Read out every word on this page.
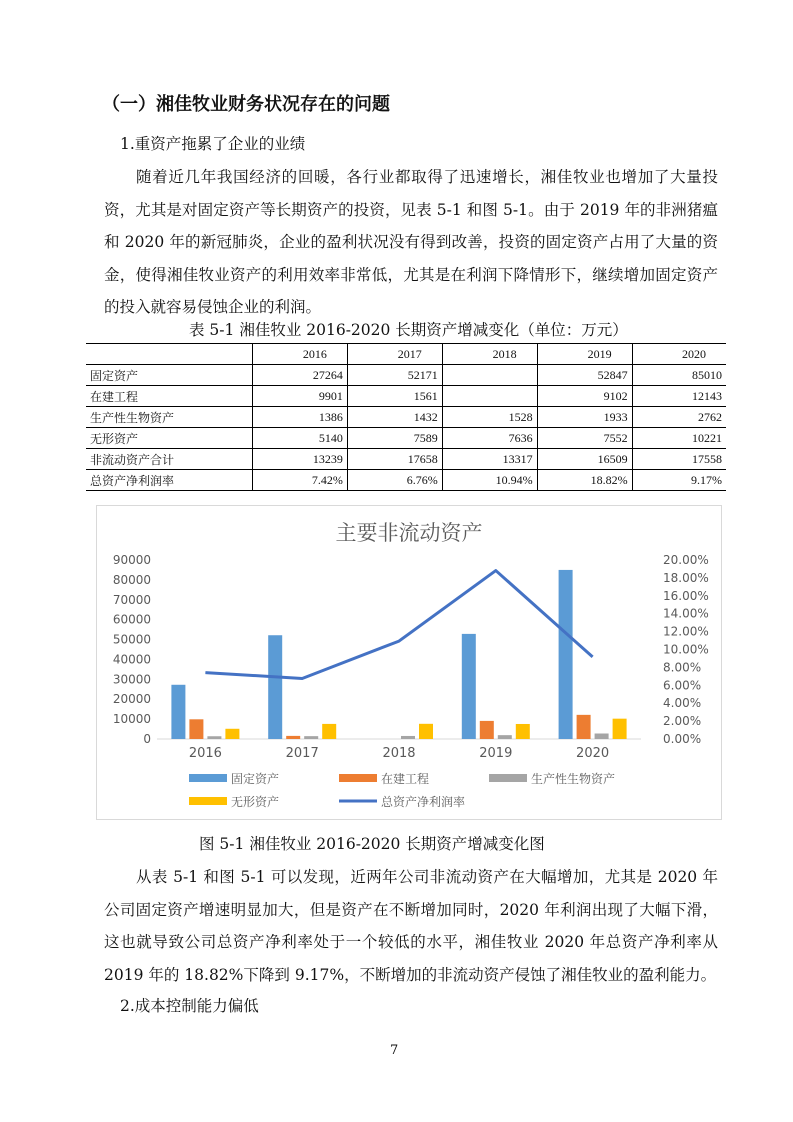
（一）湘佳牧业财务状况存在的问题
1.重资产拖累了企业的业绩
随着近几年我国经济的回暖，各行业都取得了迅速增长，湘佳牧业也增加了大量投资，尤其是对固定资产等长期资产的投资，见表 5-1 和图 5-1。由于 2019 年的非洲猪瘟和 2020 年的新冠肺炎，企业的盈利状况没有得到改善，投资的固定资产占用了大量的资金，使得湘佳牧业资产的利用效率非常低，尤其是在利润下降情形下，继续增加固定资产的投入就容易侵蚀企业的利润。
表 5-1 湘佳牧业 2016-2020 长期资产增减变化（单位：万元）
	2016	2017	2018	2019	2020
固定资产	27264	52171		52847	85010
在建工程	9901	1561		9102	12143
生产性生物资产	1386	1432	1528	1933	2762
无形资产	5140	7589	7636	7552	10221
非流动资产合计	13239	17658	13317	16509	17558
总资产净利润率	7.42%	6.76%	10.94%	18.82%	9.17%
主要非流动资产
0
10000
20000
30000
40000
50000
60000
70000
80000
90000
0.00%
2.00%
4.00%
6.00%
8.00%
10.00%
12.00%
14.00%
16.00%
18.00%
20.00%
2016	2017	2018	2019	2020
固定资产	在建工程	生产性生物资产
无形资产	总资产净利润率
图 5-1 湘佳牧业 2016-2020 长期资产增减变化图
从表 5-1 和图 5-1 可以发现，近两年公司非流动资产在大幅增加，尤其是 2020 年公司固定资产增速明显加大，但是资产在不断增加同时，2020 年利润出现了大幅下滑，这也就导致公司总资产净利率处于一个较低的水平，湘佳牧业 2020 年总资产净利率从 2019 年的 18.82%下降到 9.17%，不断增加的非流动资产侵蚀了湘佳牧业的盈利能力。
2.成本控制能力偏低
7
